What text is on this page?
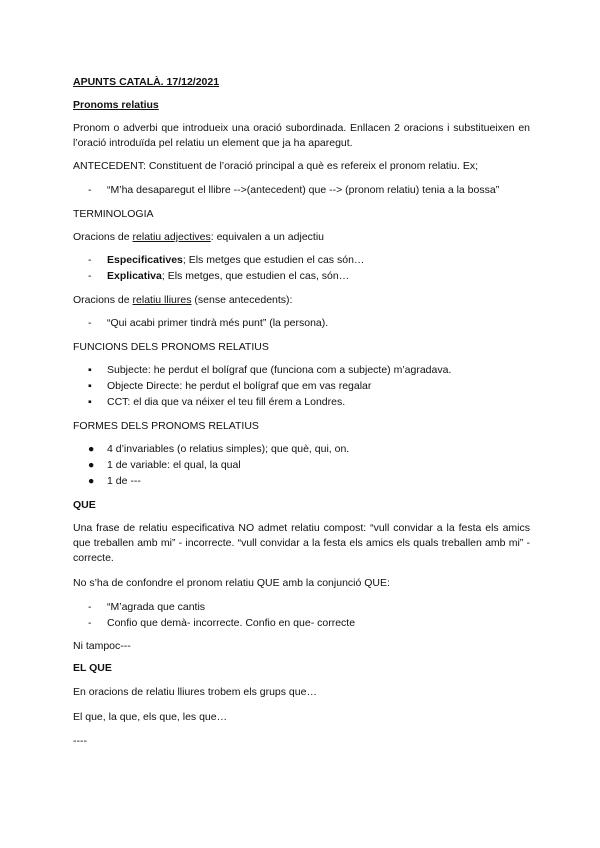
APUNTS CATALÀ. 17/12/2021

Pronoms relatius

Pronom o adverbi que introdueix una oració subordinada. Enllacen 2 oracions i substitueixen en l’oració introduïda pel relatiu un element que ja ha aparegut.

ANTECEDENT: Constituent de l’oració principal a què es refereix el pronom relatiu. Ex;

-	“M’ha desaparegut el llibre -->(antecedent) que --> (pronom relatiu) tenia a la bossa”

TERMINOLOGIA

Oracions de relatiu adjectives: equivalen a un adjectiu

-	Especificatives; Els metges que estudien el cas són…

-	Explicativa; Els metges, que estudien el cas, són…

Oracions de relatiu lliures (sense antecedents):

-	“Qui acabi primer tindrà més punt” (la persona).

FUNCIONS DELS PRONOMS RELATIUS

▪	Subjecte: he perdut el bolígraf que (funciona com a subjecte) m’agradava.

▪	Objecte Directe: he perdut el bolígraf que em vas regalar

▪	CCT: el dia que va néixer el teu fill érem a Londres.

FORMES DELS PRONOMS RELATIUS

●	4 d’invariables (o relatius simples); que què, qui, on.

●	1 de variable: el qual, la qual

●	1 de ---

QUE

Una frase de relatiu especificativa NO admet relatiu compost: “vull convidar a la festa els amics que treballen amb mi” - incorrecte. “vull convidar a la festa els amics els quals treballen amb mi” - correcte.

No s’ha de confondre el pronom relatiu QUE amb la conjunció QUE:

-	“M’agrada que cantis

-	Confio que demà- incorrecte. Confio en que- correcte

Ni tampoc---

EL QUE

En oracions de relatiu lliures trobem els grups que…

El que, la que, els que, les que…

----
